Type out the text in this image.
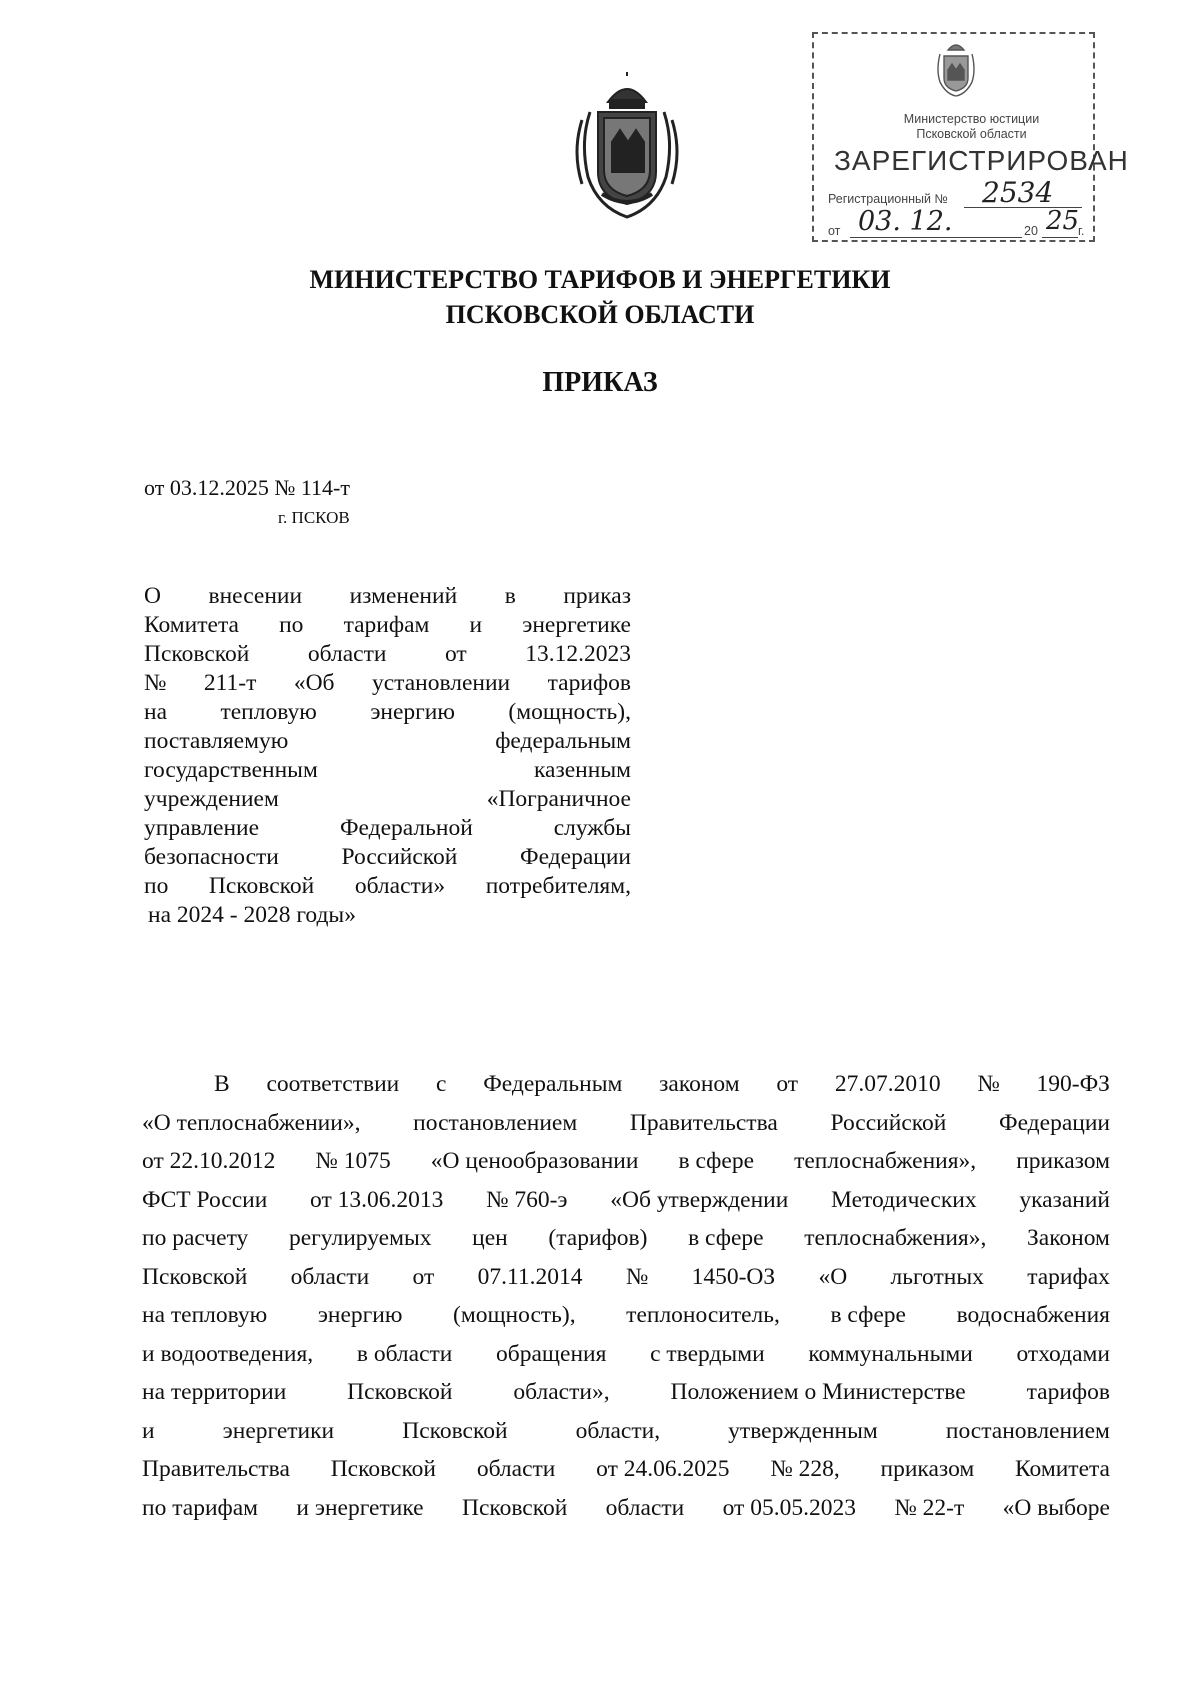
Министерство юстиции
Псковской области
ЗАРЕГИСТРИРОВАН
Регистрационный № 2534
от 03. 12.	20 25
г.
МИНИСТЕРСТВО ТАРИФОВ И ЭНЕРГЕТИКИ
ПСКОВСКОЙ ОБЛАСТИ
ПРИКАЗ
от 03.12.2025 № 114-т
г. ПСКОВ
О внесении изменений в приказ
Комитета по тарифам и энергетике
Псковской области от 13.12.2023
№ 211-т «Об установлении тарифов
на тепловую энергию (мощность),
поставляемую	федеральным
государственным	казенным
учреждением	«Пограничное
управление	Федеральной	службы
безопасности	Российской	Федерации
по Псковской области» потребителям,
на 2024 - 2028 годы»
В соответствии с Федеральным законом от 27.07.2010 № 190-ФЗ
«О теплоснабжении», постановлением Правительства Российской Федерации
от 22.10.2012 № 1075 «О ценообразовании в сфере теплоснабжения», приказом
ФСТ России от 13.06.2013 № 760-э «Об утверждении Методических указаний
по расчету регулируемых цен (тарифов) в сфере теплоснабжения», Законом
Псковской области от 07.11.2014 № 1450-ОЗ «О льготных тарифах
на тепловую энергию (мощность), теплоноситель, в сфере водоснабжения
и водоотведения, в области обращения с твердыми коммунальными отходами
на территории	Псковской	области»,	Положением о Министерстве	тарифов
и	энергетики	Псковской	области,	утвержденным	постановлением
Правительства Псковской области от 24.06.2025 № 228, приказом Комитета
по тарифам и энергетике Псковской области от 05.05.2023 № 22-т «О выборе
